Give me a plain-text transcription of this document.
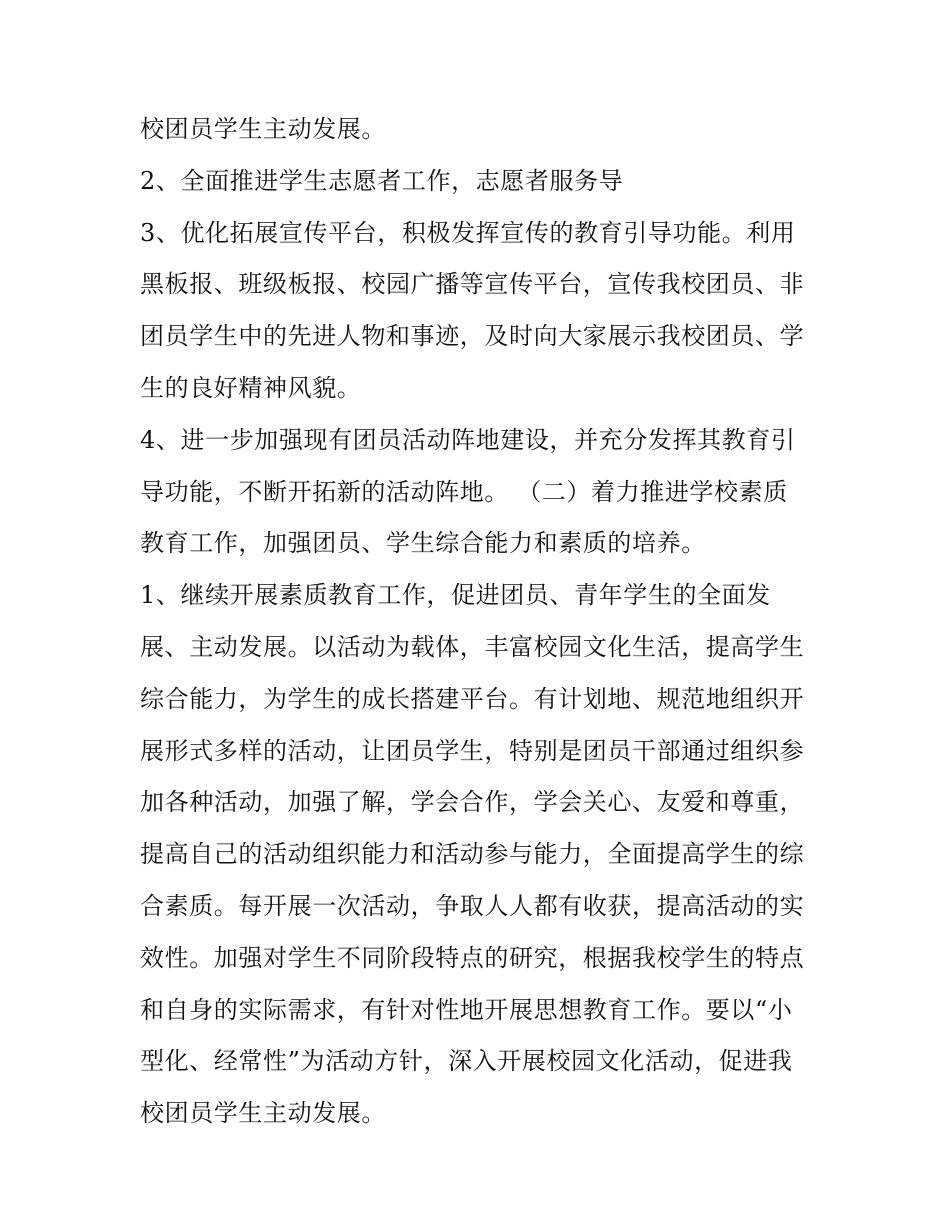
校团员学生主动发展。
2、全面推进学生志愿者工作，志愿者服务导
3、优化拓展宣传平台，积极发挥宣传的教育引导功能。利用
黑板报、班级板报、校园广播等宣传平台，宣传我校团员、非
团员学生中的先进人物和事迹，及时向大家展示我校团员、学
生的良好精神风貌。
4、进一步加强现有团员活动阵地建设，并充分发挥其教育引
导功能，不断开拓新的活动阵地。 （二）着力推进学校素质
教育工作，加强团员、学生综合能力和素质的培养。
1、继续开展素质教育工作，促进团员、青年学生的全面发
展、主动发展。以活动为载体，丰富校园文化生活，提高学生
综合能力，为学生的成长搭建平台。有计划地、规范地组织开
展形式多样的活动，让团员学生，特别是团员干部通过组织参
加各种活动，加强了解，学会合作，学会关心、友爱和尊重，
提高自己的活动组织能力和活动参与能力，全面提高学生的综
合素质。每开展一次活动，争取人人都有收获，提高活动的实
效性。加强对学生不同阶段特点的研究，根据我校学生的特点
和自身的实际需求，有针对性地开展思想教育工作。要以“小
型化、经常性”为活动方针，深入开展校园文化活动，促进我
校团员学生主动发展。
